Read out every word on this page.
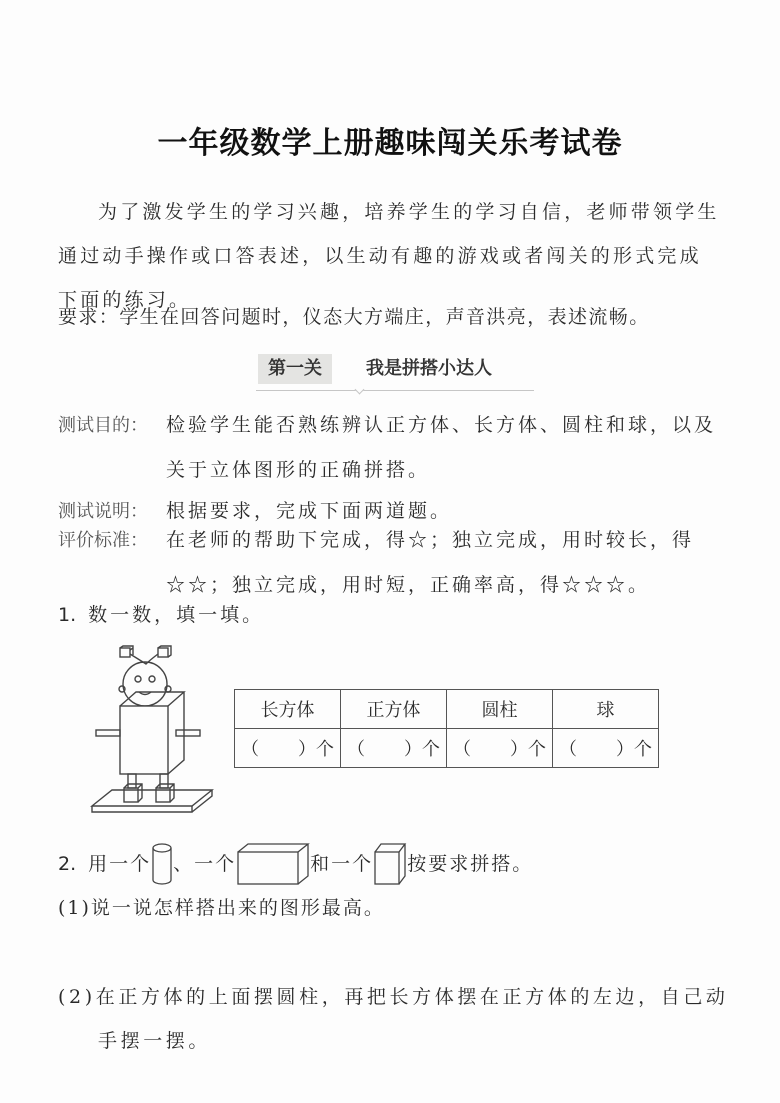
一年级数学上册趣味闯关乐考试卷
为了激发学生的学习兴趣，培养学生的学习自信，老师带领学生
通过动手操作或口答表述，以生动有趣的游戏或者闯关的形式完成
下面的练习。
要求：学生在回答问题时，仪态大方端庄，声音洪亮，表述流畅。
第一关	我是拼搭小达人
测试目的： 检验学生能否熟练辨认正方体、长方体、圆柱和球，以及
关于立体图形的正确拼搭。
测试说明： 根据要求，完成下面两道题。
评价标准： 在老师的帮助下完成，得☆；独立完成，用时较长，得
☆☆；独立完成，用时短，正确率高，得☆☆☆。
1. 数一数，填一填。
长方体	正方体	圆柱	球

（ ）个	（ ）个	（ ）个	（ ）个
2. 用一个 、一个	和一个 按要求拼搭。
(1)说一说怎样搭出来的图形最高。
(2)在正方体的上面摆圆柱，再把长方体摆在正方体的左边，自己动
手摆一摆。
